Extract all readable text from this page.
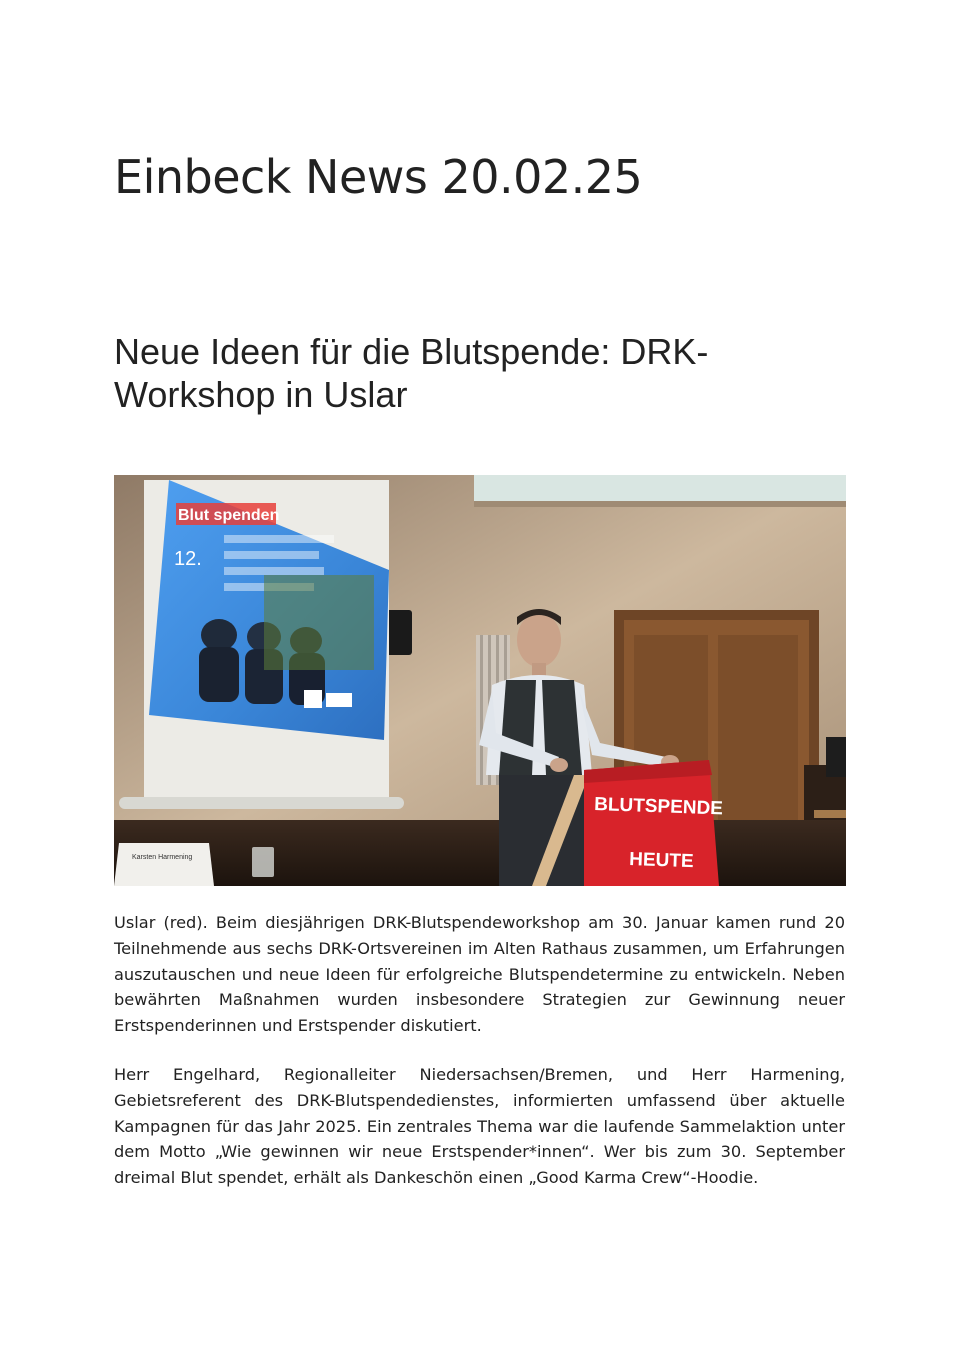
Einbeck News 20.02.25
Neue Ideen für die Blutspende: DRK-Workshop in Uslar
Blut spenden
12.
Karsten Harmening
BLUTSPENDE
HEUTE

Uslar (red). Beim diesjährigen DRK-Blutspendeworkshop am 30. Januar kamen rund 20 Teilnehmende aus sechs DRK-Ortsvereinen im Alten Rathaus zusammen, um Erfahrungen auszutauschen und neue Ideen für erfolgreiche Blutspendetermine zu entwickeln. Neben bewährten Maßnahmen wurden insbesondere Strategien zur Gewinnung neuer Erstspenderinnen und Erstspender diskutiert.

Herr Engelhard, Regionalleiter Niedersachsen/Bremen, und Herr Harmening, Gebietsreferent des DRK-Blutspendedienstes, informierten umfassend über aktuelle Kampagnen für das Jahr 2025. Ein zentrales Thema war die laufende Sammelaktion unter dem Motto „Wie gewinnen wir neue Erstspender*innen“. Wer bis zum 30. September dreimal Blut spendet, erhält als Dankeschön einen „Good Karma Crew“-Hoodie.
